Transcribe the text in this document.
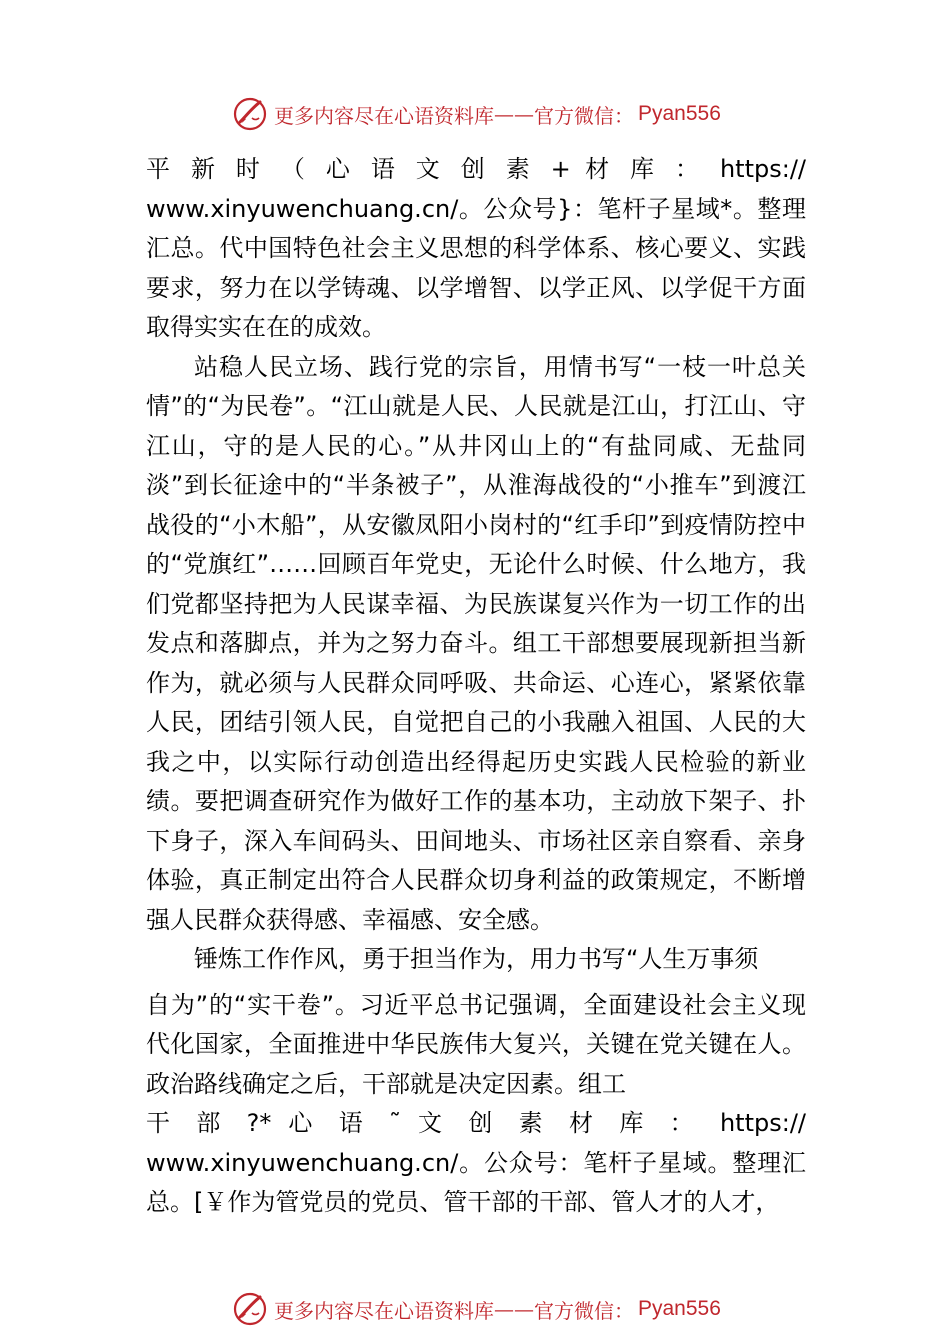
更多内容尽在心语资料库 —— 官方微信： Pyan556

平 新 时 （ 心 语 文 创 素 + 材 库 ： https://

www.xinyuwenchuang.cn/。公众号}：笔杆子星域*。整理汇总。代中国特色社会主义思想的科学体系、核心要义、实践要求，努力在以学铸魂、以学增智、以学正风、以学促干方面取得实实在在的成效。

站稳人民立场、践行党的宗旨，用情书写“一枝一叶总关情”的“为民卷”。“江山就是人民、人民就是江山，打江山、守江山，守的是人民的心。”从井冈山上的“有盐同咸、无盐同淡”到长征途中的“半条被子”，从淮海战役的“小推车”到渡江战役的“小木船”，从安徽凤阳小岗村的“红手印”到疫情防控中的“党旗红”……回顾百年党史，无论什么时候、什么地方，我们党都坚持把为人民谋幸福、为民族谋复兴作为一切工作的出发点和落脚点，并为之努力奋斗。组工干部想要展现新担当新作为，就必须与人民群众同呼吸、共命运、心连心，紧紧依靠人民，团结引领人民，自觉把自己的小我融入祖国、人民的大我之中，以实际行动创造出经得起历史实践人民检验的新业绩。要把调查研究作为做好工作的基本功，主动放下架子、扑下身子，深入车间码头、田间地头、市场社区亲自察看、亲身体验，真正制定出符合人民群众切身利益的政策规定，不断增强人民群众获得感、幸福感、安全感。

锤炼工作作风，勇于担当作为，用力书写“人生万事须

自为”的“实干卷”。习近平总书记强调，全面建设社会主义现代化国家，全面推进中华民族伟大复兴，关键在党关键在人。政治路线确定之后，干部就是决定因素。组工

干 部 ?* 心 语 ˜ 文 创 素 材 库 ： https://

www.xinyuwenchuang.cn/。公众号：笔杆子星域。整理汇总。[￥作为管党员的党员、管干部的干部、管人才的人才，

更多内容尽在心语资料库 —— 官方微信： Pyan556
